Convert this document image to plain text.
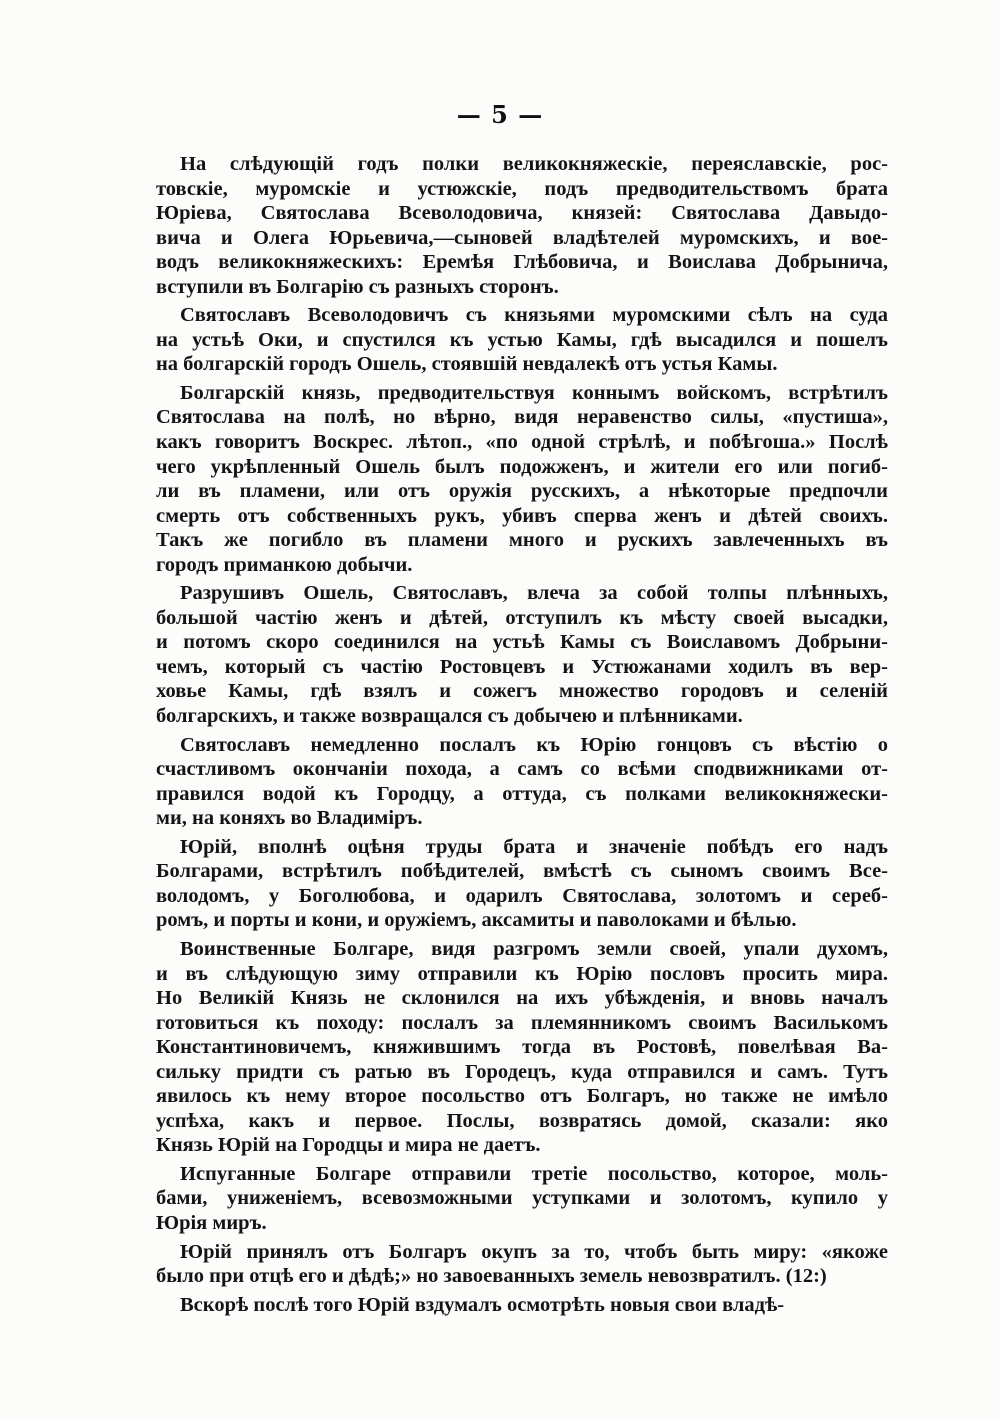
— 5 —
На слѣдующій годъ полки великокняжескіе, переяславскіе, рос-
товскіе, муромскіе и устюжскіе, подъ предводительствомъ брата
Юріева, Святослава Всеволодовича, князей: Святослава Давыдо-
вича и Олега Юрьевича,—сыновей владѣтелей муромскихъ, и вое-
водъ великокняжескихъ: Еремѣя Глѣбовича, и Воислава Добрынича,
вступили въ Болгарію съ разныхъ сторонъ.
Святославъ Всеволодовичъ съ князьями муромскими сѣлъ на суда
на устьѣ Оки, и спустился къ устью Камы, гдѣ высадился и пошелъ
на болгарскій городъ Ошель, стоявшій невдалекѣ отъ устья Камы.
Болгарскій князь, предводительствуя коннымъ войскомъ, встрѣтилъ
Святослава на полѣ, но вѣрно, видя неравенство силы, «пустиша»,
какъ говоритъ Воскрес. лѣтоп., «по одной стрѣлѣ, и побѣгоша.» Послѣ
чего укрѣпленный Ошель былъ подожженъ, и жители его или погиб-
ли въ пламени, или отъ оружія русскихъ, а нѣкоторые предпочли
смерть отъ собственныхъ рукъ, убивъ сперва женъ и дѣтей своихъ.
Такъ же погибло въ пламени много и рускихъ завлеченныхъ въ
городъ приманкою добычи.
Разрушивъ Ошель, Святославъ, влеча за собой толпы плѣнныхъ,
большой частію женъ и дѣтей, отступилъ къ мѣсту своей высадки,
и потомъ скоро соединился на устьѣ Камы съ Воиславомъ Добрыни-
чемъ, который съ частію Ростовцевъ и Устюжанами ходилъ въ вер-
ховье Камы, гдѣ взялъ и сожегъ множество городовъ и селеній
болгарскихъ, и также возвращался съ добычею и плѣнниками.
Святославъ немедленно послалъ къ Юрію гонцовъ съ вѣстію о
счастливомъ окончаніи похода, а самъ со всѣми сподвижниками от-
правился водой къ Городцу, а оттуда, съ полками великокняжески-
ми, на коняхъ во Владиміръ.
Юрій, вполнѣ оцѣня труды брата и значеніе побѣдъ его надъ
Болгарами, встрѣтилъ побѣдителей, вмѣстѣ съ сыномъ своимъ Все-
володомъ, у Боголюбова, и одарилъ Святослава, золотомъ и сереб-
ромъ, и порты и кони, и оружіемъ, аксамиты и паволоками и бѣлью.
Воинственные Болгаре, видя разгромъ земли своей, упали духомъ,
и въ слѣдующую зиму отправили къ Юрію пословъ просить мира.
Но Великій Князь не склонился на ихъ убѣжденія, и вновь началъ
готовиться къ походу: послалъ за племянникомъ своимъ Василькомъ
Константиновичемъ, княжившимъ тогда въ Ростовѣ, повелѣвая Ва-
сильку придти съ ратью въ Городецъ, куда отправился и самъ. Тутъ
явилось къ нему второе посольство отъ Болгаръ, но также не имѣло
успѣха, какъ и первое. Послы, возвратясь домой, сказали: яко
Князь Юрій на Городцы и мира не даетъ.
Испуганные Болгаре отправили третіе посольство, которое, моль-
бами, униженіемъ, всевозможными уступками и золотомъ, купило у
Юрія миръ.
Юрій принялъ отъ Болгаръ окупъ за то, чтобъ быть миру: «якоже
было при отцѣ его и дѣдѣ;» но завоеванныхъ земель невозвратилъ. (12:)
Вскорѣ послѣ того Юрій вздумалъ осмотрѣть новыя свои владѣ-
